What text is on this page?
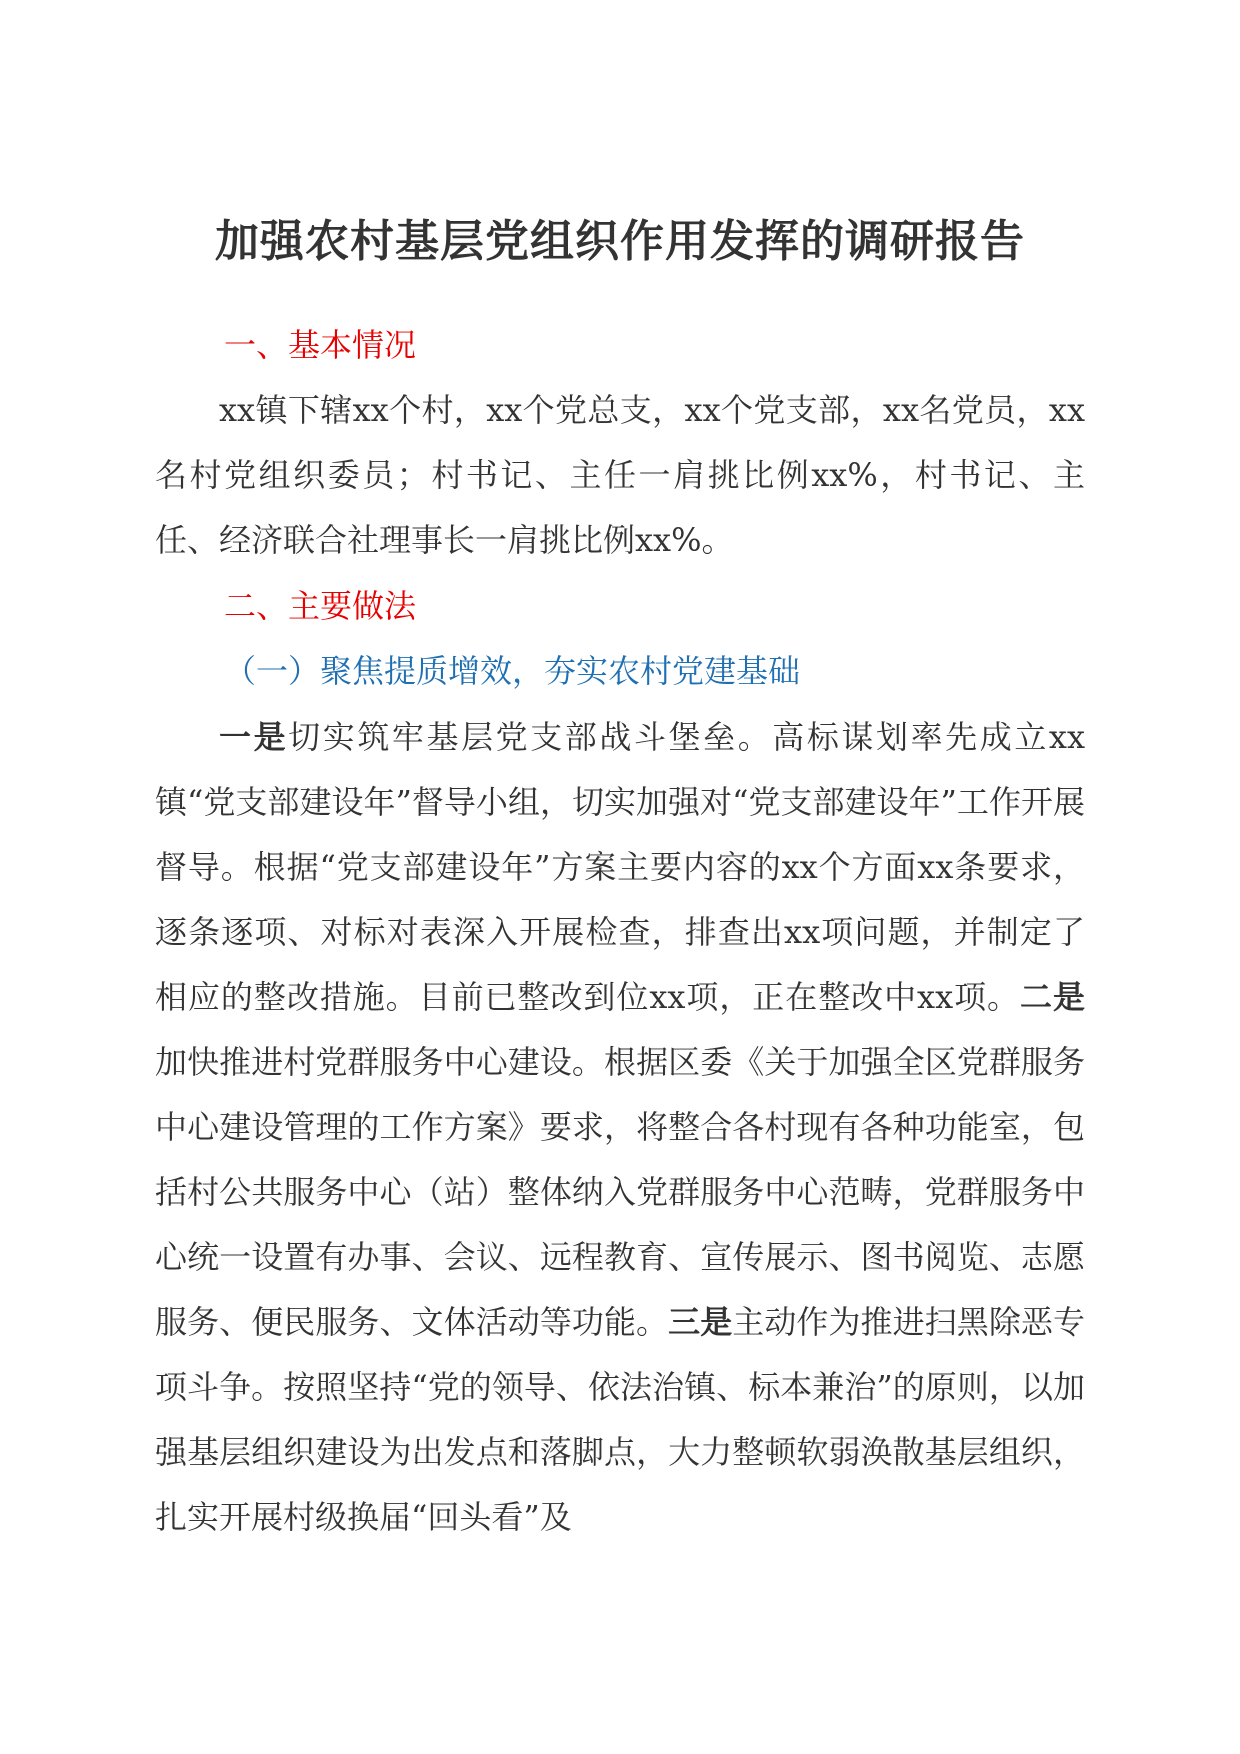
加强农村基层党组织作用发挥的调研报告
一、基本情况

xx镇下辖xx个村，xx个党总支，xx个党支部，xx名党员，xx名村党组织委员；村书记、主任一肩挑比例xx%，村书记、主任、经济联合社理事长一肩挑比例xx%。

二、主要做法
（一）聚焦提质增效，夯实农村党建基础

一是切实筑牢基层党支部战斗堡垒。高标谋划率先成立xx镇“党支部建设年”督导小组，切实加强对“党支部建设年”工作开展督导。根据“党支部建设年”方案主要内容的xx个方面xx条要求，逐条逐项、对标对表深入开展检查，排查出xx项问题，并制定了相应的整改措施。目前已整改到位xx项，正在整改中xx项。二是加快推进村党群服务中心建设。根据区委《关于加强全区党群服务中心建设管理的工作方案》要求，将整合各村现有各种功能室，包括村公共服务中心（站）整体纳入党群服务中心范畴，党群服务中心统一设置有办事、会议、远程教育、宣传展示、图书阅览、志愿服务、便民服务、文体活动等功能。三是主动作为推进扫黑除恶专项斗争。按照坚持“党的领导、依法治镇、标本兼治”的原则，以加强基层组织建设为出发点和落脚点，大力整顿软弱涣散基层组织，扎实开展村级换届“回头看”及
